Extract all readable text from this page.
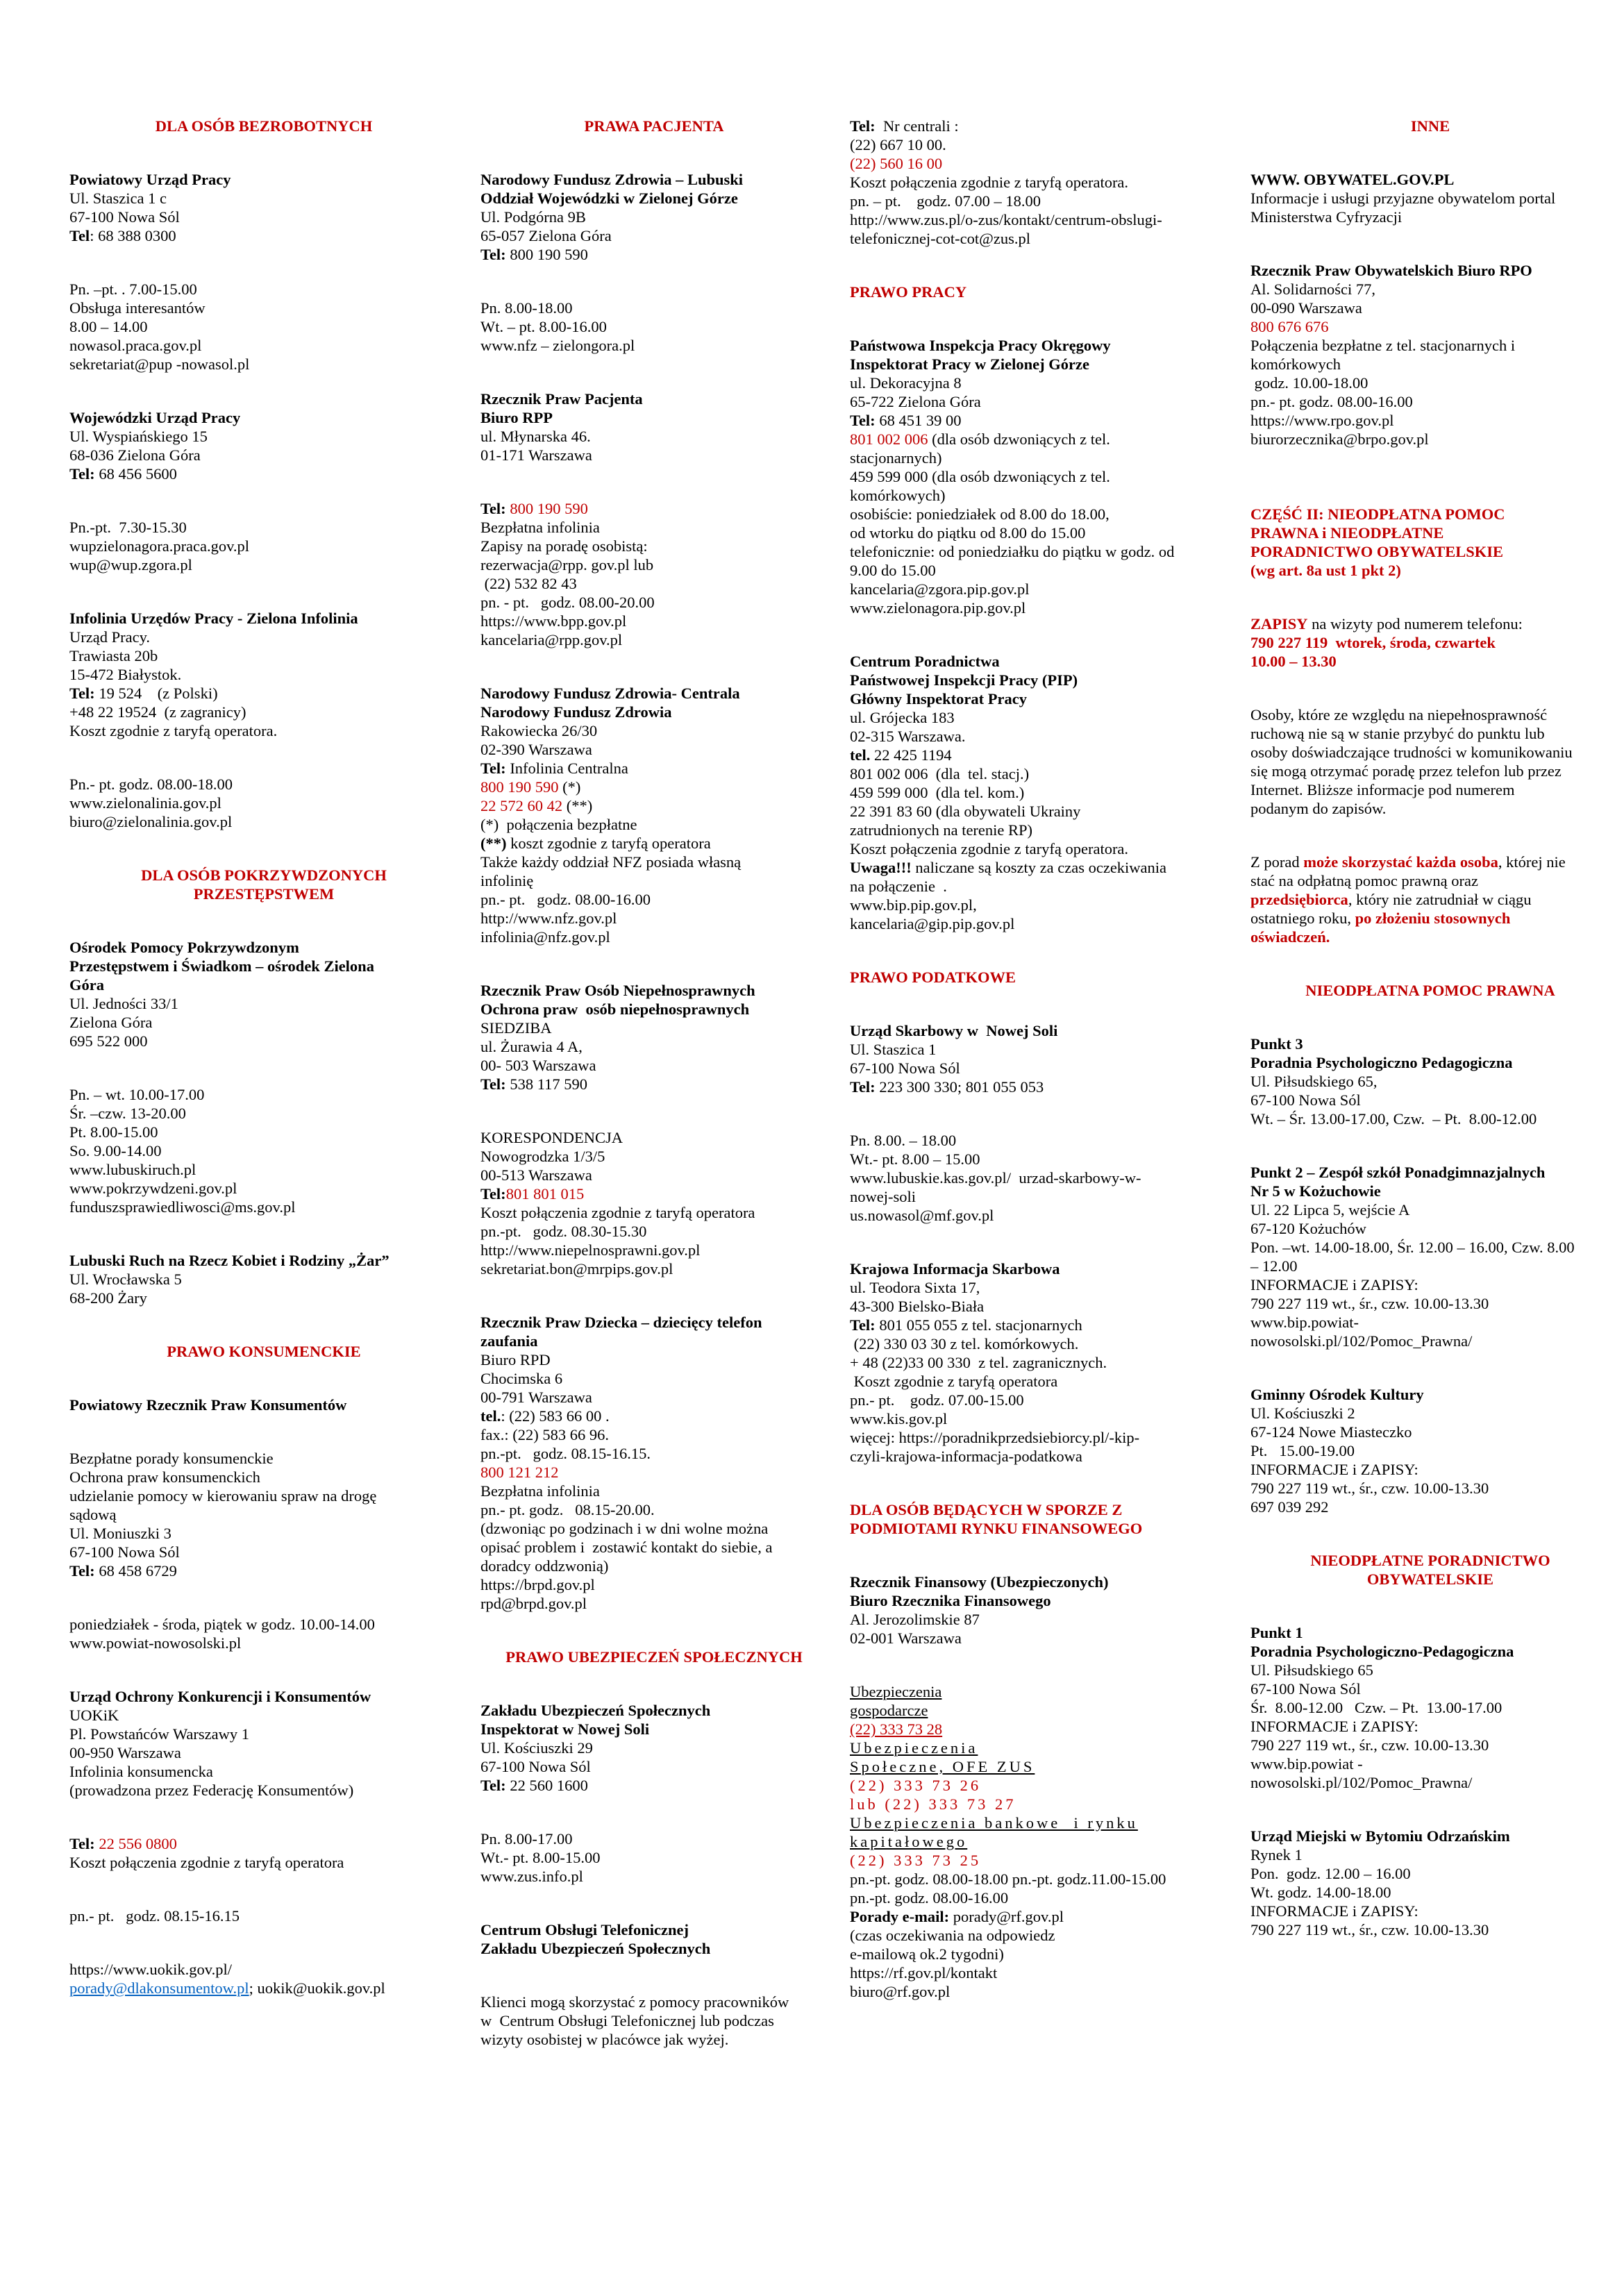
DLA OSÓB BEZROBOTNYCH
Powiatowy Urząd Pracy
Ul. Staszica 1 c
67-100 Nowa Sól
Tel: 68 388 0300
Pn. –pt. . 7.00-15.00
Obsługa interesantów
8.00 – 14.00
nowasol.praca.gov.pl
sekretariat@pup -nowasol.pl
Wojewódzki Urząd Pracy
Ul. Wyspiańskiego 15
68-036 Zielona Góra
Tel: 68 456 5600
Pn.-pt.  7.30-15.30
wupzielonagora.praca.gov.pl
wup@wup.zgora.pl
Infolinia Urzędów Pracy - Zielona Infolinia
Urząd Pracy.
Trawiasta 20b
15-472 Białystok.
Tel: 19 524    (z Polski)
+48 22 19524  (z zagranicy)
Koszt zgodnie z taryfą operatora.
Pn.- pt. godz. 08.00-18.00
www.zielonalinia.gov.pl
biuro@zielonalinia.gov.pl
DLA OSÓB POKRZYWDZONYCH
PRZESTĘPSTWEM
Ośrodek Pomocy Pokrzywdzonym
Przestępstwem i Świadkom – ośrodek Zielona
Góra
Ul. Jedności 33/1
Zielona Góra
695 522 000
Pn. – wt. 10.00-17.00
Śr. –czw. 13-20.00
Pt. 8.00-15.00
So. 9.00-14.00
www.lubuskiruch.pl
www.pokrzywdzeni.gov.pl
funduszsprawiedliwosci@ms.gov.pl
Lubuski Ruch na Rzecz Kobiet i Rodziny „Żar”
Ul. Wrocławska 5
68-200 Żary
PRAWO KONSUMENCKIE
Powiatowy Rzecznik Praw Konsumentów
Bezpłatne porady konsumenckie
Ochrona praw konsumenckich
udzielanie pomocy w kierowaniu spraw na drogę
sądową
Ul. Moniuszki 3
67-100 Nowa Sól
Tel: 68 458 6729
poniedziałek - środa, piątek w godz. 10.00-14.00
www.powiat-nowosolski.pl
Urząd Ochrony Konkurencji i Konsumentów
UOKiK
Pl. Powstańców Warszawy 1
00-950 Warszawa
Infolinia konsumencka
(prowadzona przez Federację Konsumentów)
Tel: 22 556 0800
Koszt połączenia zgodnie z taryfą operatora
pn.- pt.   godz. 08.15-16.15
https://www.uokik.gov.pl/
porady@dlakonsumentow.pl; uokik@uokik.gov.pl
PRAWA PACJENTA
Narodowy Fundusz Zdrowia – Lubuski
Oddział Wojewódzki w Zielonej Górze
Ul. Podgórna 9B
65-057 Zielona Góra
Tel: 800 190 590
Pn. 8.00-18.00
Wt. – pt. 8.00-16.00
www.nfz – zielongora.pl
Rzecznik Praw Pacjenta
Biuro RPP
ul. Młynarska 46.
01-171 Warszawa
Tel: 800 190 590
Bezpłatna infolinia
Zapisy na poradę osobistą:
rezerwacja@rpp. gov.pl lub
(22) 532 82 43
pn. - pt.   godz. 08.00-20.00
https://www.bpp.gov.pl
kancelaria@rpp.gov.pl
Narodowy Fundusz Zdrowia- Centrala
Narodowy Fundusz Zdrowia
Rakowiecka 26/30
02-390 Warszawa
Tel: Infolinia Centralna
800 190 590 (*)
22 572 60 42 (**)
(*)  połączenia bezpłatne
(**) koszt zgodnie z taryfą operatora
Także każdy oddział NFZ posiada własną
infolinię
pn.- pt.   godz. 08.00-16.00
http://www.nfz.gov.pl
infolinia@nfz.gov.pl
Rzecznik Praw Osób Niepełnosprawnych
Ochrona praw  osób niepełnosprawnych
SIEDZIBA
ul. Żurawia 4 A,
00- 503 Warszawa
Tel: 538 117 590
KORESPONDENCJA
Nowogrodzka 1/3/5
00-513 Warszawa
Tel:801 801 015
Koszt połączenia zgodnie z taryfą operatora
pn.-pt.   godz. 08.30-15.30
http://www.niepelnosprawni.gov.pl
sekretariat.bon@mrpips.gov.pl
Rzecznik Praw Dziecka – dziecięcy telefon
zaufania
Biuro RPD
Chocimska 6
00-791 Warszawa
tel.: (22) 583 66 00 .
fax.: (22) 583 66 96.
pn.-pt.   godz. 08.15-16.15.
800 121 212
Bezpłatna infolinia
pn.- pt. godz.   08.15-20.00.
(dzwoniąc po godzinach i w dni wolne można
opisać problem i  zostawić kontakt do siebie, a
doradcy oddzwonią)
https://brpd.gov.pl
rpd@brpd.gov.pl
PRAWO UBEZPIECZEŃ SPOŁECZNYCH
Zakładu Ubezpieczeń Społecznych
Inspektorat w Nowej Soli
Ul. Kościuszki 29
67-100 Nowa Sól
Tel: 22 560 1600
Pn. 8.00-17.00
Wt.- pt. 8.00-15.00
www.zus.info.pl
Centrum Obsługi Telefonicznej
Zakładu Ubezpieczeń Społecznych
Klienci mogą skorzystać z pomocy pracowników
w  Centrum Obsługi Telefonicznej lub podczas
wizyty osobistej w placówce jak wyżej.
Tel:  Nr centrali :
(22) 667 10 00.
(22) 560 16 00
Koszt połączenia zgodnie z taryfą operatora.
pn. – pt.    godz. 07.00 – 18.00
http://www.zus.pl/o-zus/kontakt/centrum-obslugi-
telefonicznej-cot-cot@zus.pl
PRAWO PRACY
Państwowa Inspekcja Pracy Okręgowy
Inspektorat Pracy w Zielonej Górze
ul. Dekoracyjna 8
65-722 Zielona Góra
Tel: 68 451 39 00
801 002 006 (dla osób dzwoniących z tel.
stacjonarnych)
459 599 000 (dla osób dzwoniących z tel.
komórkowych)
osobiście: poniedziałek od 8.00 do 18.00,
od wtorku do piątku od 8.00 do 15.00
telefonicznie: od poniedziałku do piątku w godz. od
9.00 do 15.00
kancelaria@zgora.pip.gov.pl
www.zielonagora.pip.gov.pl
Centrum Poradnictwa
Państwowej Inspekcji Pracy (PIP)
Główny Inspektorat Pracy
ul. Grójecka 183
02-315 Warszawa.
tel. 22 425 1194
801 002 006  (dla  tel. stacj.)
459 599 000  (dla tel. kom.)
22 391 83 60 (dla obywateli Ukrainy
zatrudnionych na terenie RP)
Koszt połączenia zgodnie z taryfą operatora.
Uwaga!!! naliczane są koszty za czas oczekiwania
na połączenie  .
www.bip.pip.gov.pl,
kancelaria@gip.pip.gov.pl
PRAWO PODATKOWE
Urząd Skarbowy w  Nowej Soli
Ul. Staszica 1
67-100 Nowa Sól
Tel: 223 300 330; 801 055 053
Pn. 8.00. – 18.00
Wt.- pt. 8.00 – 15.00
www.lubuskie.kas.gov.pl/  urzad-skarbowy-w-
nowej-soli
us.nowasol@mf.gov.pl
Krajowa Informacja Skarbowa
ul. Teodora Sixta 17,
43-300 Bielsko-Biała
Tel: 801 055 055 z tel. stacjonarnych
(22) 330 03 30 z tel. komórkowych.
+ 48 (22)33 00 330  z tel. zagranicznych.
Koszt zgodnie z taryfą operatora
pn.- pt.    godz. 07.00-15.00
www.kis.gov.pl
więcej: https://poradnikprzedsiebiorcy.pl/-kip-
czyli-krajowa-informacja-podatkowa
DLA OSÓB BĘDĄCYCH W SPORZE Z
PODMIOTAMI RYNKU FINANSOWEGO
Rzecznik Finansowy (Ubezpieczonych)
Biuro Rzecznika Finansowego
Al. Jerozolimskie 87
02-001 Warszawa
Ubezpieczenia
gospodarcze
(22) 333 73 28
Ubezpieczenia
Społeczne, OFE ZUS
(22) 333 73 26
lub (22) 333 73 27
Ubezpieczenia bankowe  i rynku
kapitałowego
(22) 333 73 25
pn.-pt. godz. 08.00-18.00 pn.-pt. godz.11.00-15.00
pn.-pt. godz. 08.00-16.00
Porady e-mail: porady@rf.gov.pl
(czas oczekiwania na odpowiedz
e-mailową ok.2 tygodni)
https://rf.gov.pl/kontakt
biuro@rf.gov.pl
INNE
WWW. OBYWATEL.GOV.PL
Informacje i usługi przyjazne obywatelom portal
Ministerstwa Cyfryzacji
Rzecznik Praw Obywatelskich Biuro RPO
Al. Solidarności 77,
00-090 Warszawa
800 676 676
Połączenia bezpłatne z tel. stacjonarnych i
komórkowych
godz. 10.00-18.00
pn.- pt. godz. 08.00-16.00
https://www.rpo.gov.pl
biurorzecznika@brpo.gov.pl
CZĘŚĆ II: NIEODPŁATNA POMOC
PRAWNA i NIEODPŁATNE
PORADNICTWO OBYWATELSKIE
(wg art. 8a ust 1 pkt 2)
ZAPISY na wizyty pod numerem telefonu:
790 227 119  wtorek, środa, czwartek
10.00 – 13.30
Osoby, które ze względu na niepełnosprawność
ruchową nie są w stanie przybyć do punktu lub
osoby doświadczające trudności w komunikowaniu
się mogą otrzymać poradę przez telefon lub przez
Internet. Bliższe informacje pod numerem
podanym do zapisów.
Z porad może skorzystać każda osoba, której nie
stać na odpłatną pomoc prawną oraz
przedsiębiorca, który nie zatrudniał w ciągu
ostatniego roku, po złożeniu stosownych
oświadczeń.
NIEODPŁATNA POMOC PRAWNA
Punkt 3
Poradnia Psychologiczno Pedagogiczna
Ul. Piłsudskiego 65,
67-100 Nowa Sól
Wt. – Śr. 13.00-17.00, Czw.  – Pt.  8.00-12.00
Punkt 2 – Zespół szkół Ponadgimnazjalnych
Nr 5 w Kożuchowie
Ul. 22 Lipca 5, wejście A
67-120 Kożuchów
Pon. –wt. 14.00-18.00, Śr. 12.00 – 16.00, Czw. 8.00
– 12.00
INFORMACJE i ZAPISY:
790 227 119 wt., śr., czw. 10.00-13.30
www.bip.powiat-
nowosolski.pl/102/Pomoc_Prawna/
Gminny Ośrodek Kultury
Ul. Kościuszki 2
67-124 Nowe Miasteczko
Pt.   15.00-19.00
INFORMACJE i ZAPISY:
790 227 119 wt., śr., czw. 10.00-13.30
697 039 292
NIEODPŁATNE PORADNICTWO
OBYWATELSKIE
Punkt 1
Poradnia Psychologiczno-Pedagogiczna
Ul. Piłsudskiego 65
67-100 Nowa Sól
Śr.  8.00-12.00   Czw. – Pt.  13.00-17.00
INFORMACJE i ZAPISY:
790 227 119 wt., śr., czw. 10.00-13.30
www.bip.powiat -
nowosolski.pl/102/Pomoc_Prawna/
Urząd Miejski w Bytomiu Odrzańskim
Rynek 1
Pon.  godz. 12.00 – 16.00
Wt. godz. 14.00-18.00
INFORMACJE i ZAPISY:
790 227 119 wt., śr., czw. 10.00-13.30
